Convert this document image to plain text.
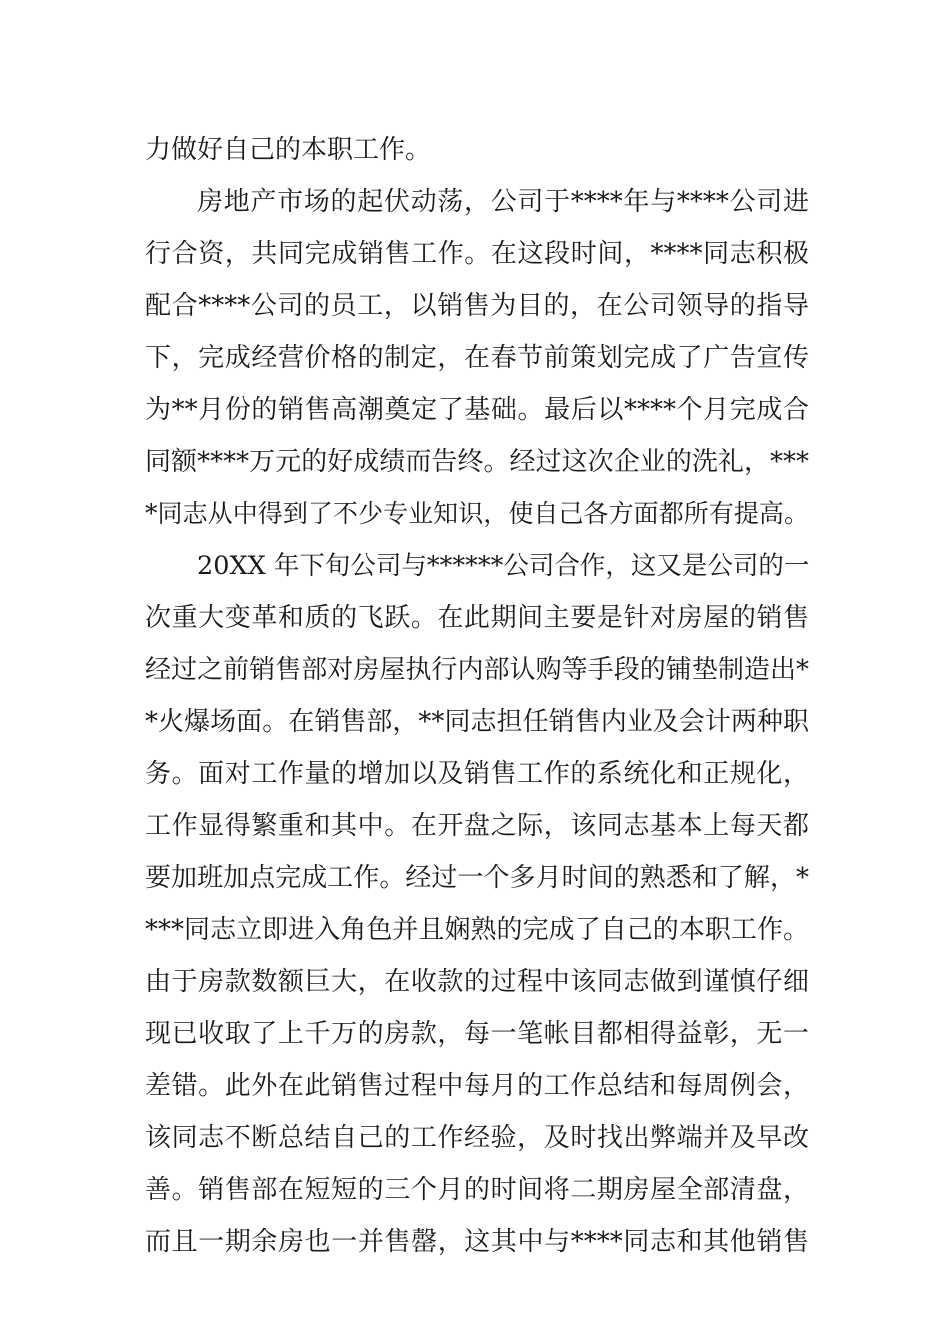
力做好自己的本职工作。
房地产市场的起伏动荡，公司于****年与****公司进
行合资，共同完成销售工作。在这段时间，****同志积极
配合****公司的员工，以销售为目的，在公司领导的指导
下，完成经营价格的制定，在春节前策划完成了广告宣传
为**月份的销售高潮奠定了基础。最后以****个月完成合
同额****万元的好成绩而告终。经过这次企业的洗礼，***
*同志从中得到了不少专业知识，使自己各方面都所有提高。
20XX 年下旬公司与******公司合作，这又是公司的一
次重大变革和质的飞跃。在此期间主要是针对房屋的销售
经过之前销售部对房屋执行内部认购等手段的铺垫制造出*
*火爆场面。在销售部，**同志担任销售内业及会计两种职
务。面对工作量的增加以及销售工作的系统化和正规化，
工作显得繁重和其中。在开盘之际，该同志基本上每天都
要加班加点完成工作。经过一个多月时间的熟悉和了解，*
***同志立即进入角色并且娴熟的完成了自己的本职工作。
由于房款数额巨大，在收款的过程中该同志做到谨慎仔细
现已收取了上千万的房款，每一笔帐目都相得益彰，无一
差错。此外在此销售过程中每月的工作总结和每周例会，
该同志不断总结自己的工作经验，及时找出弊端并及早改
善。销售部在短短的三个月的时间将二期房屋全部清盘，
而且一期余房也一并售罄，这其中与****同志和其他销售
